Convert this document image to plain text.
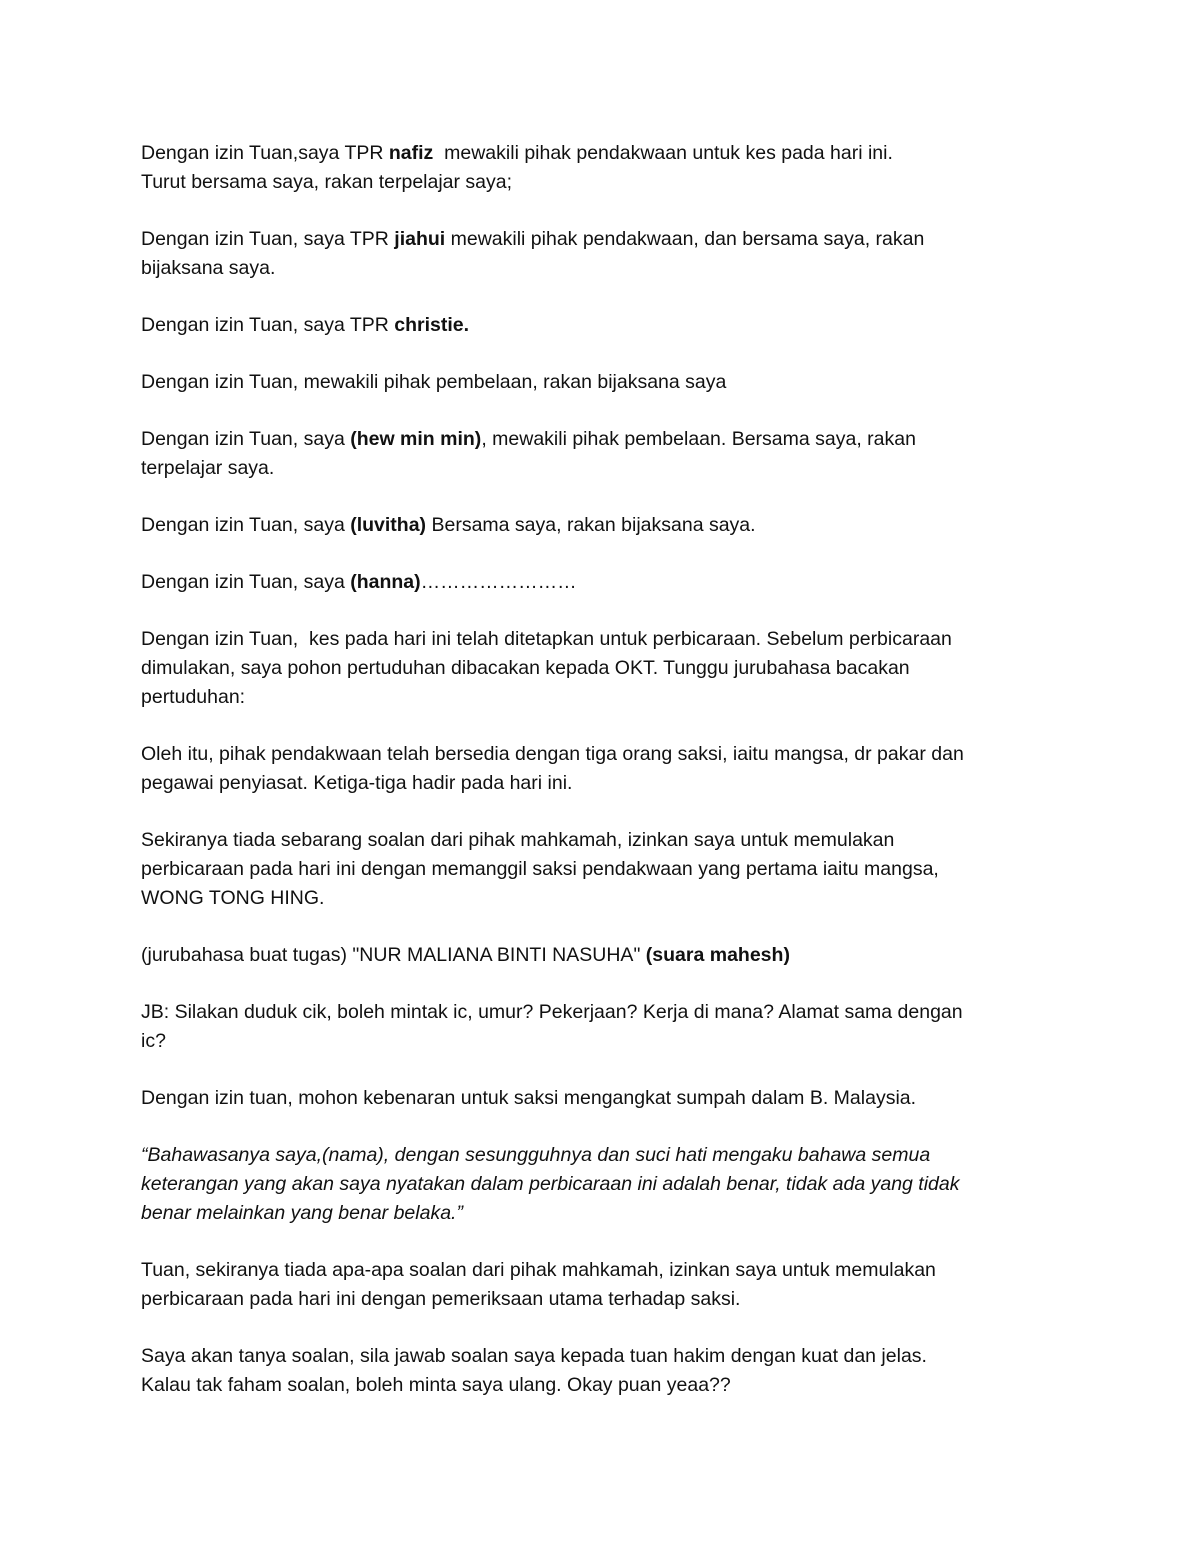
Dengan izin Tuan,saya TPR nafiz  mewakili pihak pendakwaan untuk kes pada hari ini.
Turut bersama saya, rakan terpelajar saya;
Dengan izin Tuan, saya TPR jiahui mewakili pihak pendakwaan, dan bersama saya, rakan
bijaksana saya.
Dengan izin Tuan, saya TPR christie.
Dengan izin Tuan, mewakili pihak pembelaan, rakan bijaksana saya
Dengan izin Tuan, saya (hew min min), mewakili pihak pembelaan. Bersama saya, rakan
terpelajar saya.
Dengan izin Tuan, saya (luvitha) Bersama saya, rakan bijaksana saya.
Dengan izin Tuan, saya (hanna)……………………
Dengan izin Tuan,  kes pada hari ini telah ditetapkan untuk perbicaraan. Sebelum perbicaraan
dimulakan, saya pohon pertuduhan dibacakan kepada OKT. Tunggu jurubahasa bacakan
pertuduhan:
Oleh itu, pihak pendakwaan telah bersedia dengan tiga orang saksi, iaitu mangsa, dr pakar dan
pegawai penyiasat. Ketiga-tiga hadir pada hari ini.
Sekiranya tiada sebarang soalan dari pihak mahkamah, izinkan saya untuk memulakan
perbicaraan pada hari ini dengan memanggil saksi pendakwaan yang pertama iaitu mangsa,
WONG TONG HING.
(jurubahasa buat tugas) "NUR MALIANA BINTI NASUHA" (suara mahesh)
JB: Silakan duduk cik, boleh mintak ic, umur? Pekerjaan? Kerja di mana? Alamat sama dengan
ic?
Dengan izin tuan, mohon kebenaran untuk saksi mengangkat sumpah dalam B. Malaysia.
“Bahawasanya saya,(nama), dengan sesungguhnya dan suci hati mengaku bahawa semua
keterangan yang akan saya nyatakan dalam perbicaraan ini adalah benar, tidak ada yang tidak
benar melainkan yang benar belaka.”
Tuan, sekiranya tiada apa-apa soalan dari pihak mahkamah, izinkan saya untuk memulakan
perbicaraan pada hari ini dengan pemeriksaan utama terhadap saksi.
Saya akan tanya soalan, sila jawab soalan saya kepada tuan hakim dengan kuat dan jelas.
Kalau tak faham soalan, boleh minta saya ulang. Okay puan yeaa??
